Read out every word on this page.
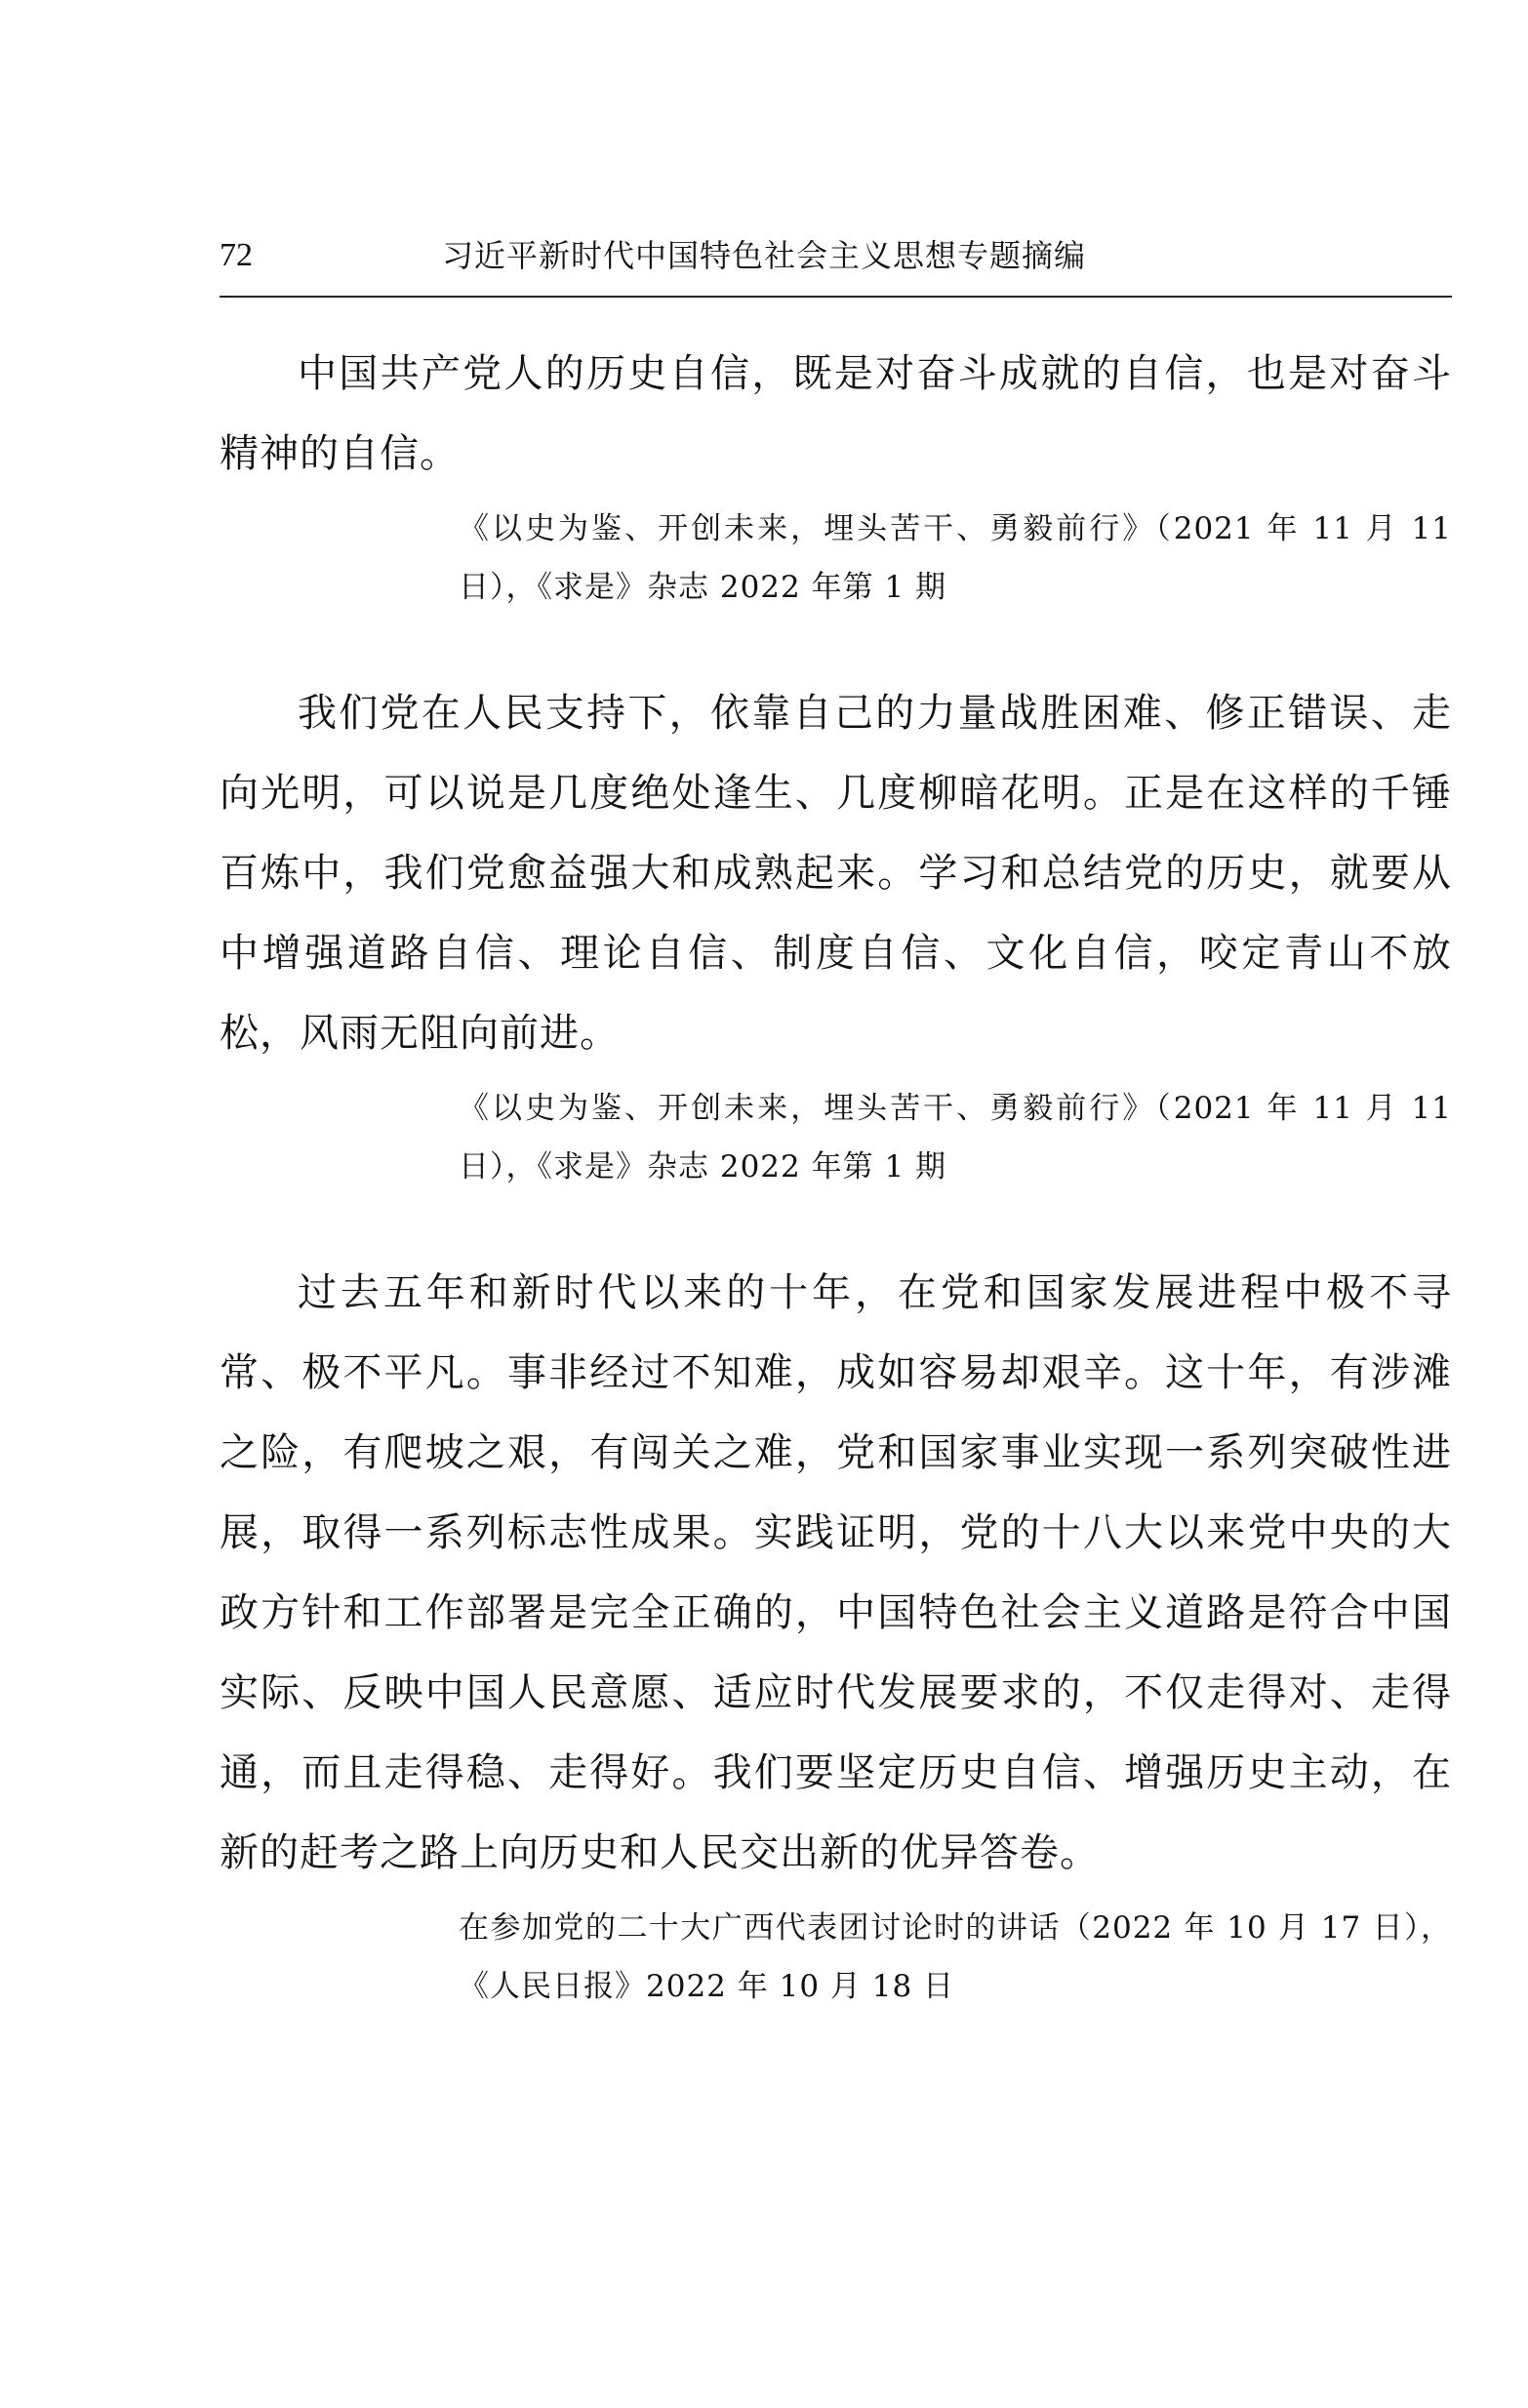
72	习近平新时代中国特色社会主义思想专题摘编

中国共产党人的历史自信，既是对奋斗成就的自信，也是对奋斗精神的自信。

《以史为鉴、开创未来，埋头苦干、勇毅前行》（2021 年 11 月 11 日），《求是》杂志 2022 年第 1 期

我们党在人民支持下，依靠自己的力量战胜困难、修正错误、走向光明，可以说是几度绝处逢生、几度柳暗花明。正是在这样的千锤百炼中，我们党愈益强大和成熟起来。学习和总结党的历史，就要从中增强道路自信、理论自信、制度自信、文化自信，咬定青山不放松，风雨无阻向前进。

《以史为鉴、开创未来，埋头苦干、勇毅前行》（2021 年 11 月 11 日），《求是》杂志 2022 年第 1 期

过去五年和新时代以来的十年，在党和国家发展进程中极不寻常、极不平凡。事非经过不知难，成如容易却艰辛。这十年，有涉滩之险，有爬坡之艰，有闯关之难，党和国家事业实现一系列突破性进展，取得一系列标志性成果。实践证明，党的十八大以来党中央的大政方针和工作部署是完全正确的，中国特色社会主义道路是符合中国实际、反映中国人民意愿、适应时代发展要求的，不仅走得对、走得通，而且走得稳、走得好。我们要坚定历史自信、增强历史主动，在新的赶考之路上向历史和人民交出新的优异答卷。

在参加党的二十大广西代表团讨论时的讲话（2022 年 10 月 17 日），《人民日报》2022 年 10 月 18 日
